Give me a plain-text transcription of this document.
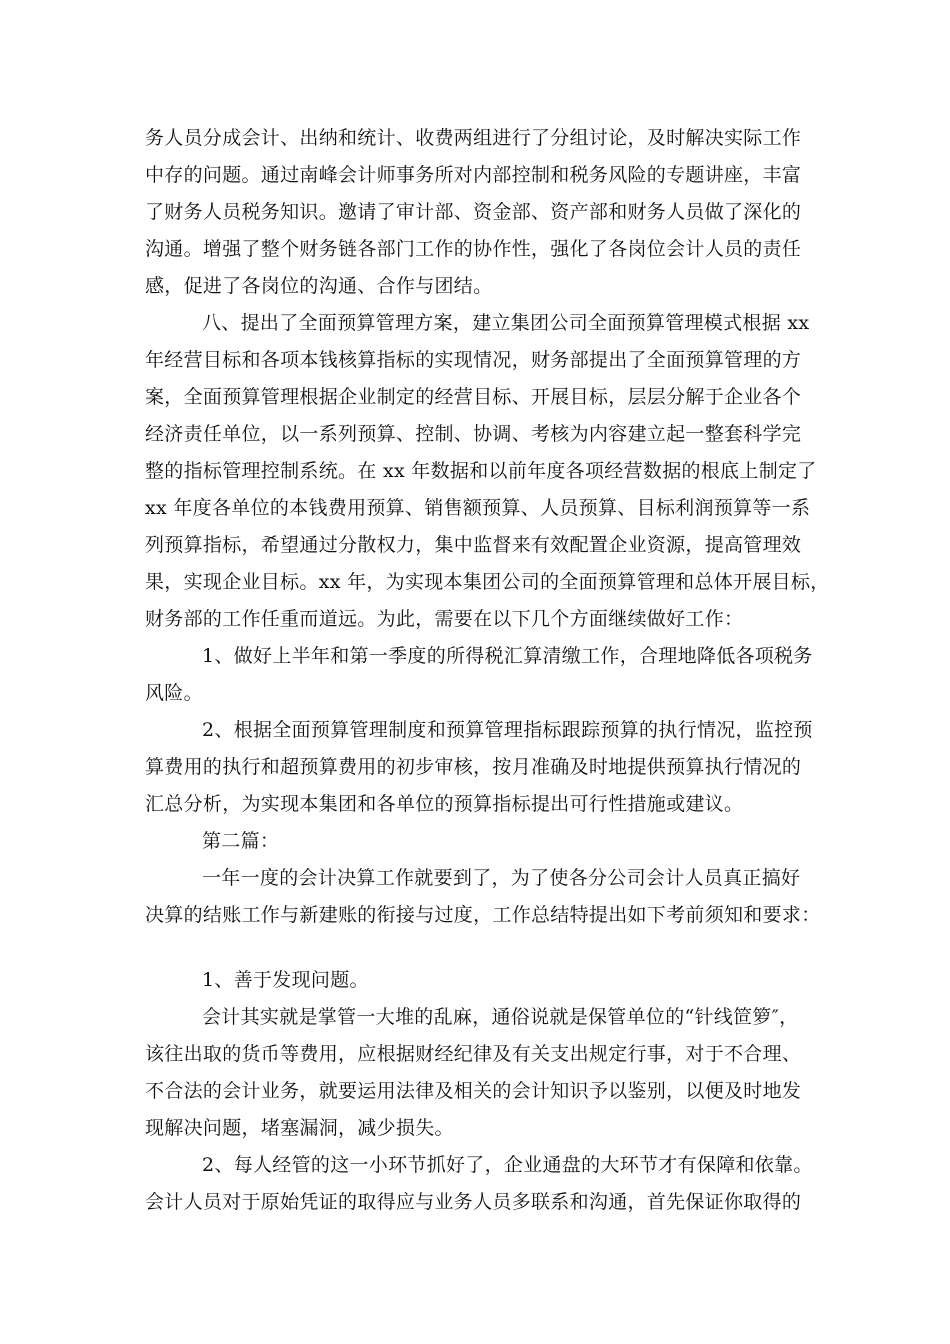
务人员分成会计、出纳和统计、收费两组进行了分组讨论，及时解决实际工作
中存的问题。通过南峰会计师事务所对内部控制和税务风险的专题讲座，丰富
了财务人员税务知识。邀请了审计部、资金部、资产部和财务人员做了深化的
沟通。增强了整个财务链各部门工作的协作性，强化了各岗位会计人员的责任
感，促进了各岗位的沟通、合作与团结。
八、提出了全面预算管理方案，建立集团公司全面预算管理模式根据 xx
年经营目标和各项本钱核算指标的实现情况，财务部提出了全面预算管理的方
案，全面预算管理根据企业制定的经营目标、开展目标，层层分解于企业各个
经济责任单位，以一系列预算、控制、协调、考核为内容建立起一整套科学完
整的指标管理控制系统。在 xx 年数据和以前年度各项经营数据的根底上制定了
xx 年度各单位的本钱费用预算、销售额预算、人员预算、目标利润预算等一系
列预算指标，希望通过分散权力，集中监督来有效配置企业资源，提高管理效
果，实现企业目标。xx 年，为实现本集团公司的全面预算管理和总体开展目标，
财务部的工作任重而道远。为此，需要在以下几个方面继续做好工作：
1、做好上半年和第一季度的所得税汇算清缴工作，合理地降低各项税务
风险。
2、根据全面预算管理制度和预算管理指标跟踪预算的执行情况，监控预
算费用的执行和超预算费用的初步审核，按月准确及时地提供预算执行情况的
汇总分析，为实现本集团和各单位的预算指标提出可行性措施或建议。
第二篇：
一年一度的会计决算工作就要到了，为了使各分公司会计人员真正搞好
决算的结账工作与新建账的衔接与过度，工作总结特提出如下考前须知和要求：
1、善于发现问题。
会计其实就是掌管一大堆的乱麻，通俗说就是保管单位的“针线笸箩″，
该往出取的货币等费用，应根据财经纪律及有关支出规定行事，对于不合理、
不合法的会计业务，就要运用法律及相关的会计知识予以鉴别，以便及时地发
现解决问题，堵塞漏洞，减少损失。
2、每人经管的这一小环节抓好了，企业通盘的大环节才有保障和依靠。
会计人员对于原始凭证的取得应与业务人员多联系和沟通，首先保证你取得的
